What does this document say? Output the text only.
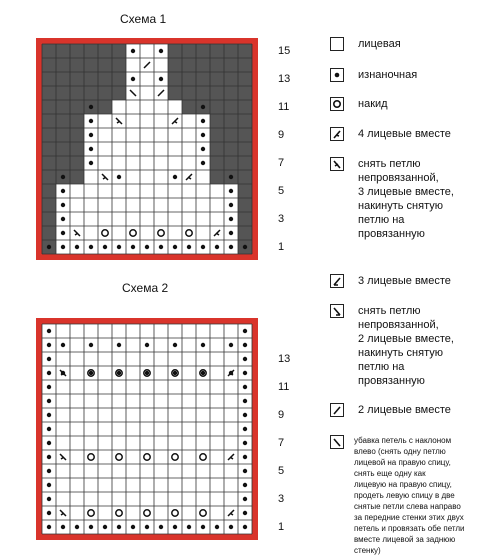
Схема 1
15
13
11
9
7
5
3
1
Схема 2
13
11
9
7
5
3
1
лицевая
изнаночная
накид
4 лицевые вместе
снять петлю
непровязанной,
3 лицевые вместе,
накинуть снятую
петлю на
провязанную
3 лицевые вместе
снять петлю
непровязанной,
2 лицевые вместе,
накинуть снятую
петлю на
провязанную
2 лицевые вместе
убавка петель с наклоном
влево (снять одну петлю
лицевой на правую спицу,
снять еще одну как
лицевую на правую спицу,
продеть левую спицу в две
снятые петли слева направо
за передние стенки этих двух
петель и провязать обе петли
вместе лицевой за заднюю
стенку)
